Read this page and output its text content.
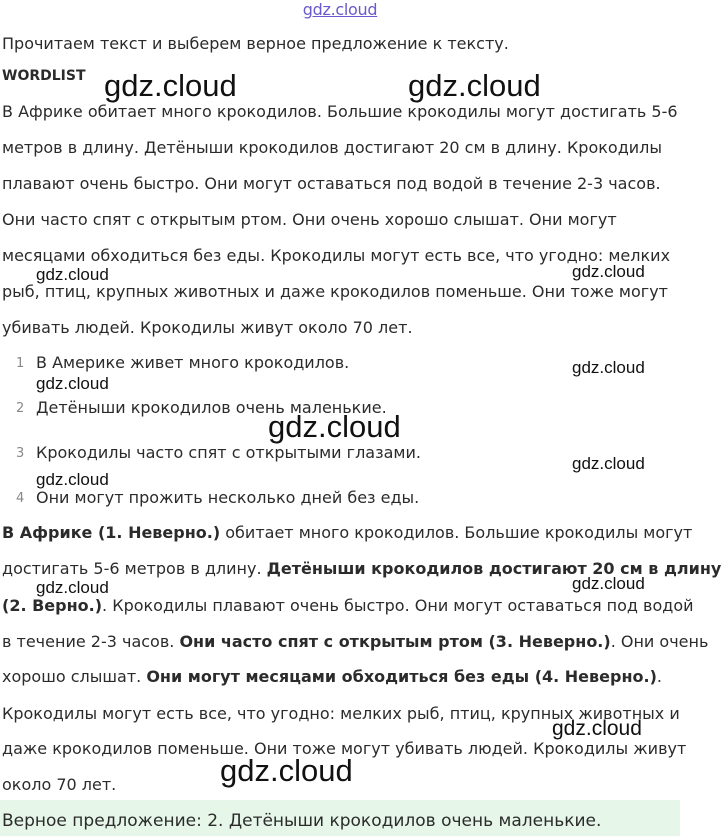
gdz.cloud
Прочитаем текст и выберем верное предложение к тексту.
WORDLIST
В Африке обитает много крокодилов. Большие крокодилы могут достигать 5-6
метров в длину. Детёныши крокодилов достигают 20 см в длину. Крокодилы
плавают очень быстро. Они могут оставаться под водой в течение 2-3 часов.
Они часто спят с открытым ртом. Они очень хорошо слышат. Они могут
месяцами обходиться без еды. Крокодилы могут есть все, что угодно: мелких
рыб, птиц, крупных животных и даже крокодилов поменьше. Они тоже могут
убивать людей. Крокодилы живут около 70 лет.
1 В Америке живет много крокодилов.
2 Детёныши крокодилов очень маленькие.
3 Крокодилы часто спят с открытыми глазами.
4 Они могут прожить несколько дней без еды.
В Африке (1. Неверно.) обитает много крокодилов. Большие крокодилы могут
достигать 5-6 метров в длину. Детёныши крокодилов достигают 20 см в длину
(2. Верно.). Крокодилы плавают очень быстро. Они могут оставаться под водой
в течение 2-3 часов. Они часто спят с открытым ртом (3. Неверно.). Они очень
хорошо слышат. Они могут месяцами обходиться без еды (4. Неверно.).
Крокодилы могут есть все, что угодно: мелких рыб, птиц, крупных животных и
даже крокодилов поменьше. Они тоже могут убивать людей. Крокодилы живут
около 70 лет.
Верное предложение: 2. Детёныши крокодилов очень маленькие.
gdz.cloud	gdz.cloud
gdz.cloud	gdz.cloud
gdz.cloud
gdz.cloud
gdz.cloud
gdz.cloud
gdz.cloud
gdz.cloud	gdz.cloud
gdz.cloud
gdz.cloud
